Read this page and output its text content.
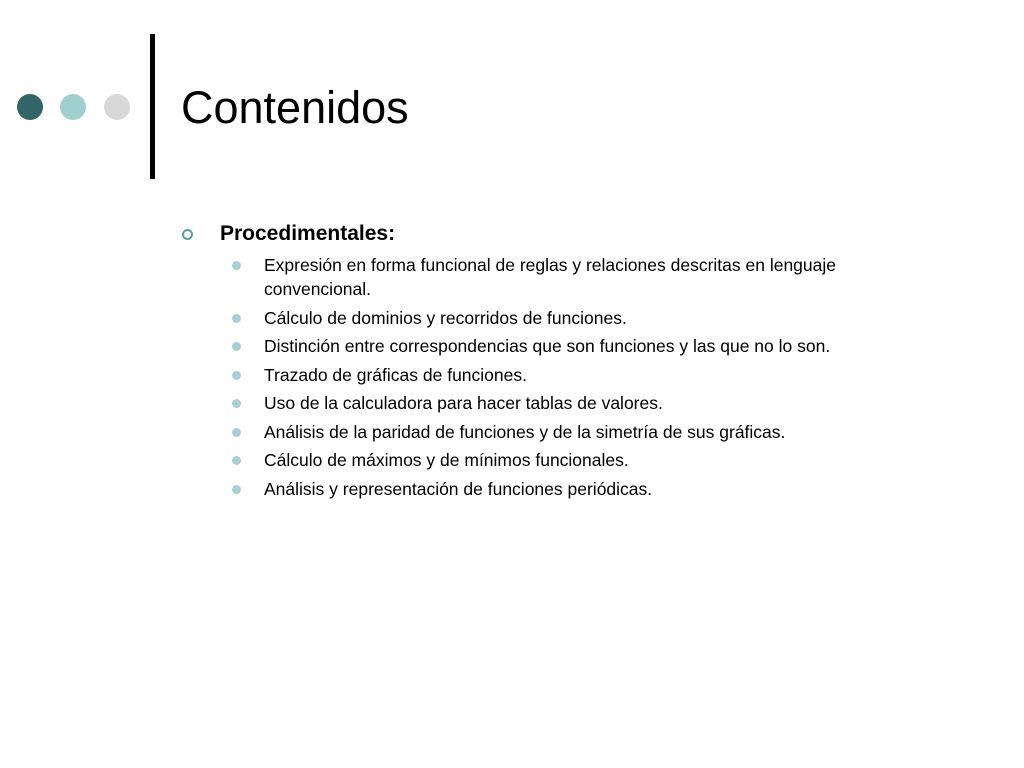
Contenidos
Procedimentales:
Expresión en forma funcional de reglas y relaciones descritas en lenguaje convencional.
Cálculo de dominios y recorridos de funciones.
Distinción entre correspondencias que son funciones y las que no lo son.
Trazado de gráficas de funciones.
Uso de la calculadora para hacer tablas de valores.
Análisis de la paridad de funciones y de la simetría de sus gráficas.
Cálculo de máximos y de mínimos funcionales.
Análisis y representación de funciones periódicas.
